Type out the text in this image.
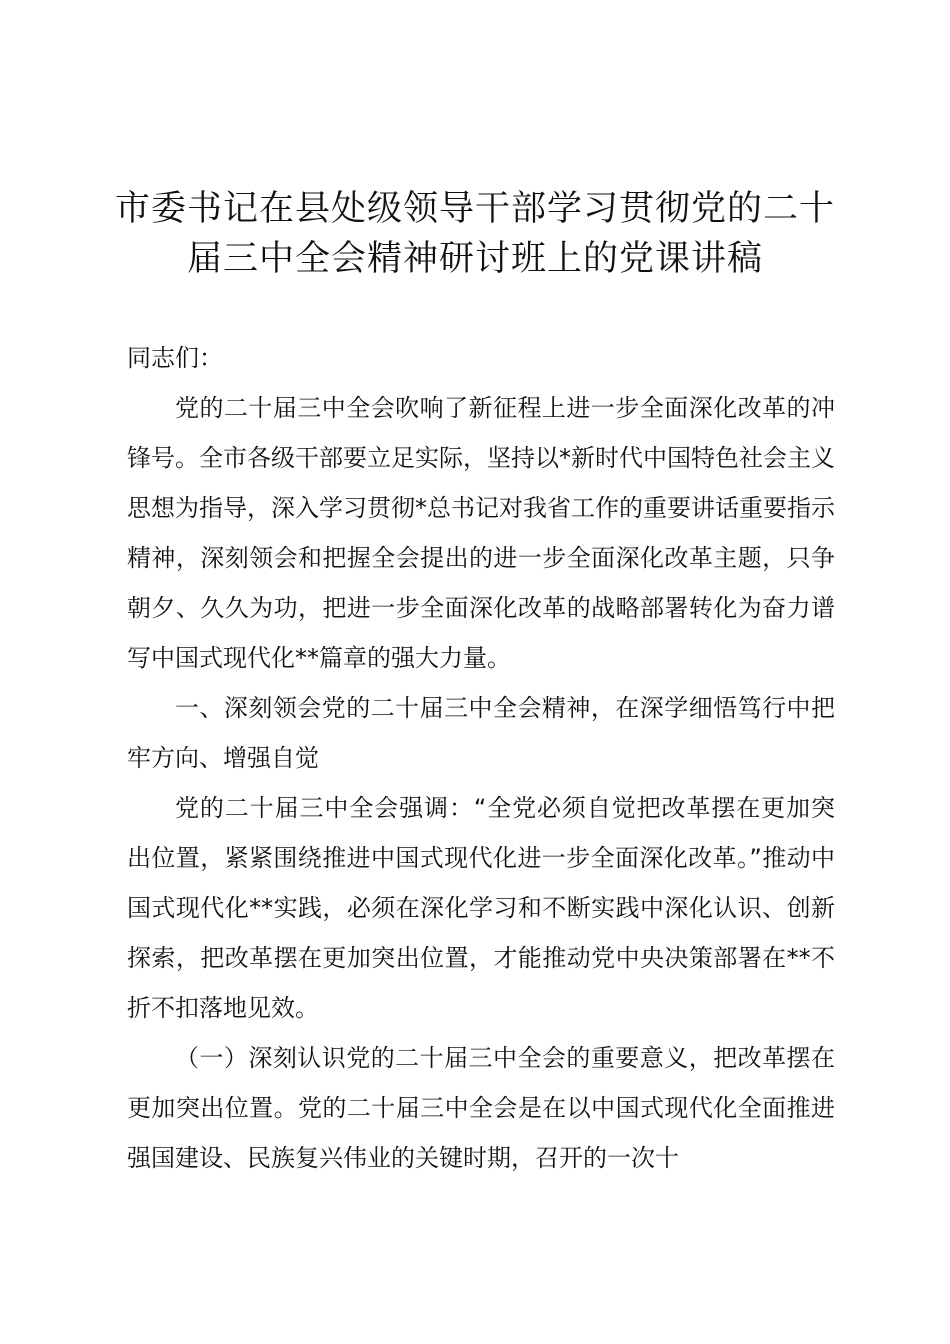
市委书记在县处级领导干部学习贯彻党的二十
届三中全会精神研讨班上的党课讲稿

同志们：

党的二十届三中全会吹响了新征程上进一步全面深化改革的冲锋号。全市各级干部要立足实际，坚持以*新时代中国特色社会主义思想为指导，深入学习贯彻*总书记对我省工作的重要讲话重要指示精神，深刻领会和把握全会提出的进一步全面深化改革主题，只争朝夕、久久为功，把进一步全面深化改革的战略部署转化为奋力谱写中国式现代化**篇章的强大力量。

一、深刻领会党的二十届三中全会精神，在深学细悟笃行中把牢方向、增强自觉

党的二十届三中全会强调：“全党必须自觉把改革摆在更加突出位置，紧紧围绕推进中国式现代化进一步全面深化改革。”推动中国式现代化**实践，必须在深化学习和不断实践中深化认识、创新探索，把改革摆在更加突出位置，才能推动党中央决策部署在**不折不扣落地见效。

（一）深刻认识党的二十届三中全会的重要意义，把改革摆在更加突出位置。党的二十届三中全会是在以中国式现代化全面推进强国建设、民族复兴伟业的关键时期，召开的一次十
